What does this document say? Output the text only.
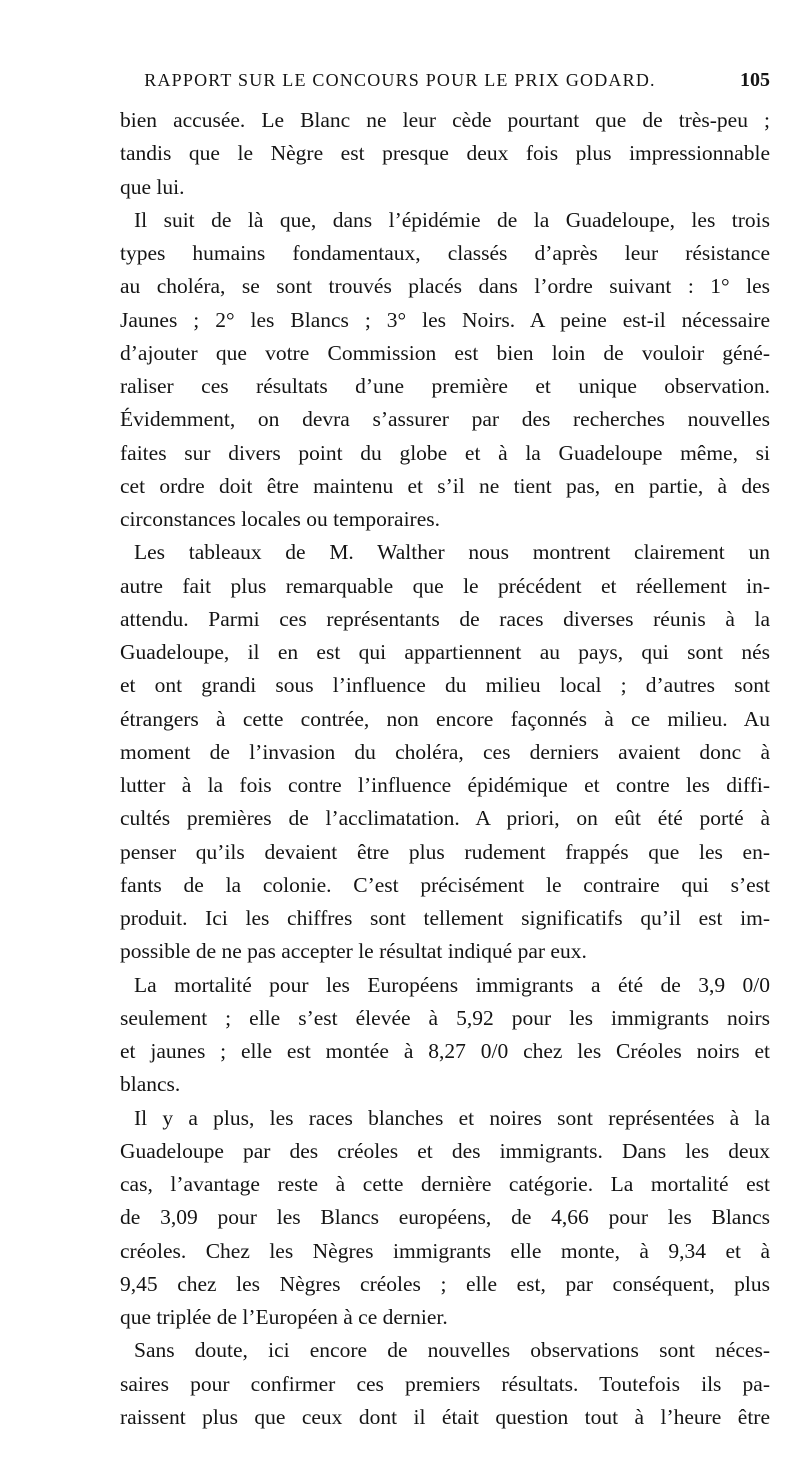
RAPPORT SUR LE CONCOURS POUR LE PRIX GODARD.	105
bien accusée. Le Blanc ne leur cède pourtant que de très-peu ;
tandis que le Nègre est presque deux fois plus impressionnable
que lui.
Il suit de là que, dans l’épidémie de la Guadeloupe, les trois
types humains fondamentaux, classés d’après leur résistance
au choléra, se sont trouvés placés dans l’ordre suivant : 1° les
Jaunes ; 2° les Blancs ; 3° les Noirs. A peine est-il nécessaire
d’ajouter que votre Commission est bien loin de vouloir géné-
raliser ces résultats d’une première et unique observation.
Évidemment, on devra s’assurer par des recherches nouvelles
faites sur divers point du globe et à la Guadeloupe même, si
cet ordre doit être maintenu et s’il ne tient pas, en partie, à des
circonstances locales ou temporaires.
Les tableaux de M. Walther nous montrent clairement un
autre fait plus remarquable que le précédent et réellement in-
attendu. Parmi ces représentants de races diverses réunis à la
Guadeloupe, il en est qui appartiennent au pays, qui sont nés
et ont grandi sous l’influence du milieu local ; d’autres sont
étrangers à cette contrée, non encore façonnés à ce milieu. Au
moment de l’invasion du choléra, ces derniers avaient donc à
lutter à la fois contre l’influence épidémique et contre les diffi-
cultés premières de l’acclimatation. A priori, on eût été porté à
penser qu’ils devaient être plus rudement frappés que les en-
fants de la colonie. C’est précisément le contraire qui s’est
produit. Ici les chiffres sont tellement significatifs qu’il est im-
possible de ne pas accepter le résultat indiqué par eux.
La mortalité pour les Européens immigrants a été de 3,9 0/0
seulement ; elle s’est élevée à 5,92 pour les immigrants noirs
et jaunes ; elle est montée à 8,27 0/0 chez les Créoles noirs et
blancs.
Il y a plus, les races blanches et noires sont représentées à la
Guadeloupe par des créoles et des immigrants. Dans les deux
cas, l’avantage reste à cette dernière catégorie. La mortalité est
de 3,09 pour les Blancs européens, de 4,66 pour les Blancs
créoles. Chez les Nègres immigrants elle monte, à 9,34 et à
9,45 chez les Nègres créoles ; elle est, par conséquent, plus
que triplée de l’Européen à ce dernier.
Sans doute, ici encore de nouvelles observations sont néces-
saires pour confirmer ces premiers résultats. Toutefois ils pa-
raissent plus que ceux dont il était question tout à l’heure être
